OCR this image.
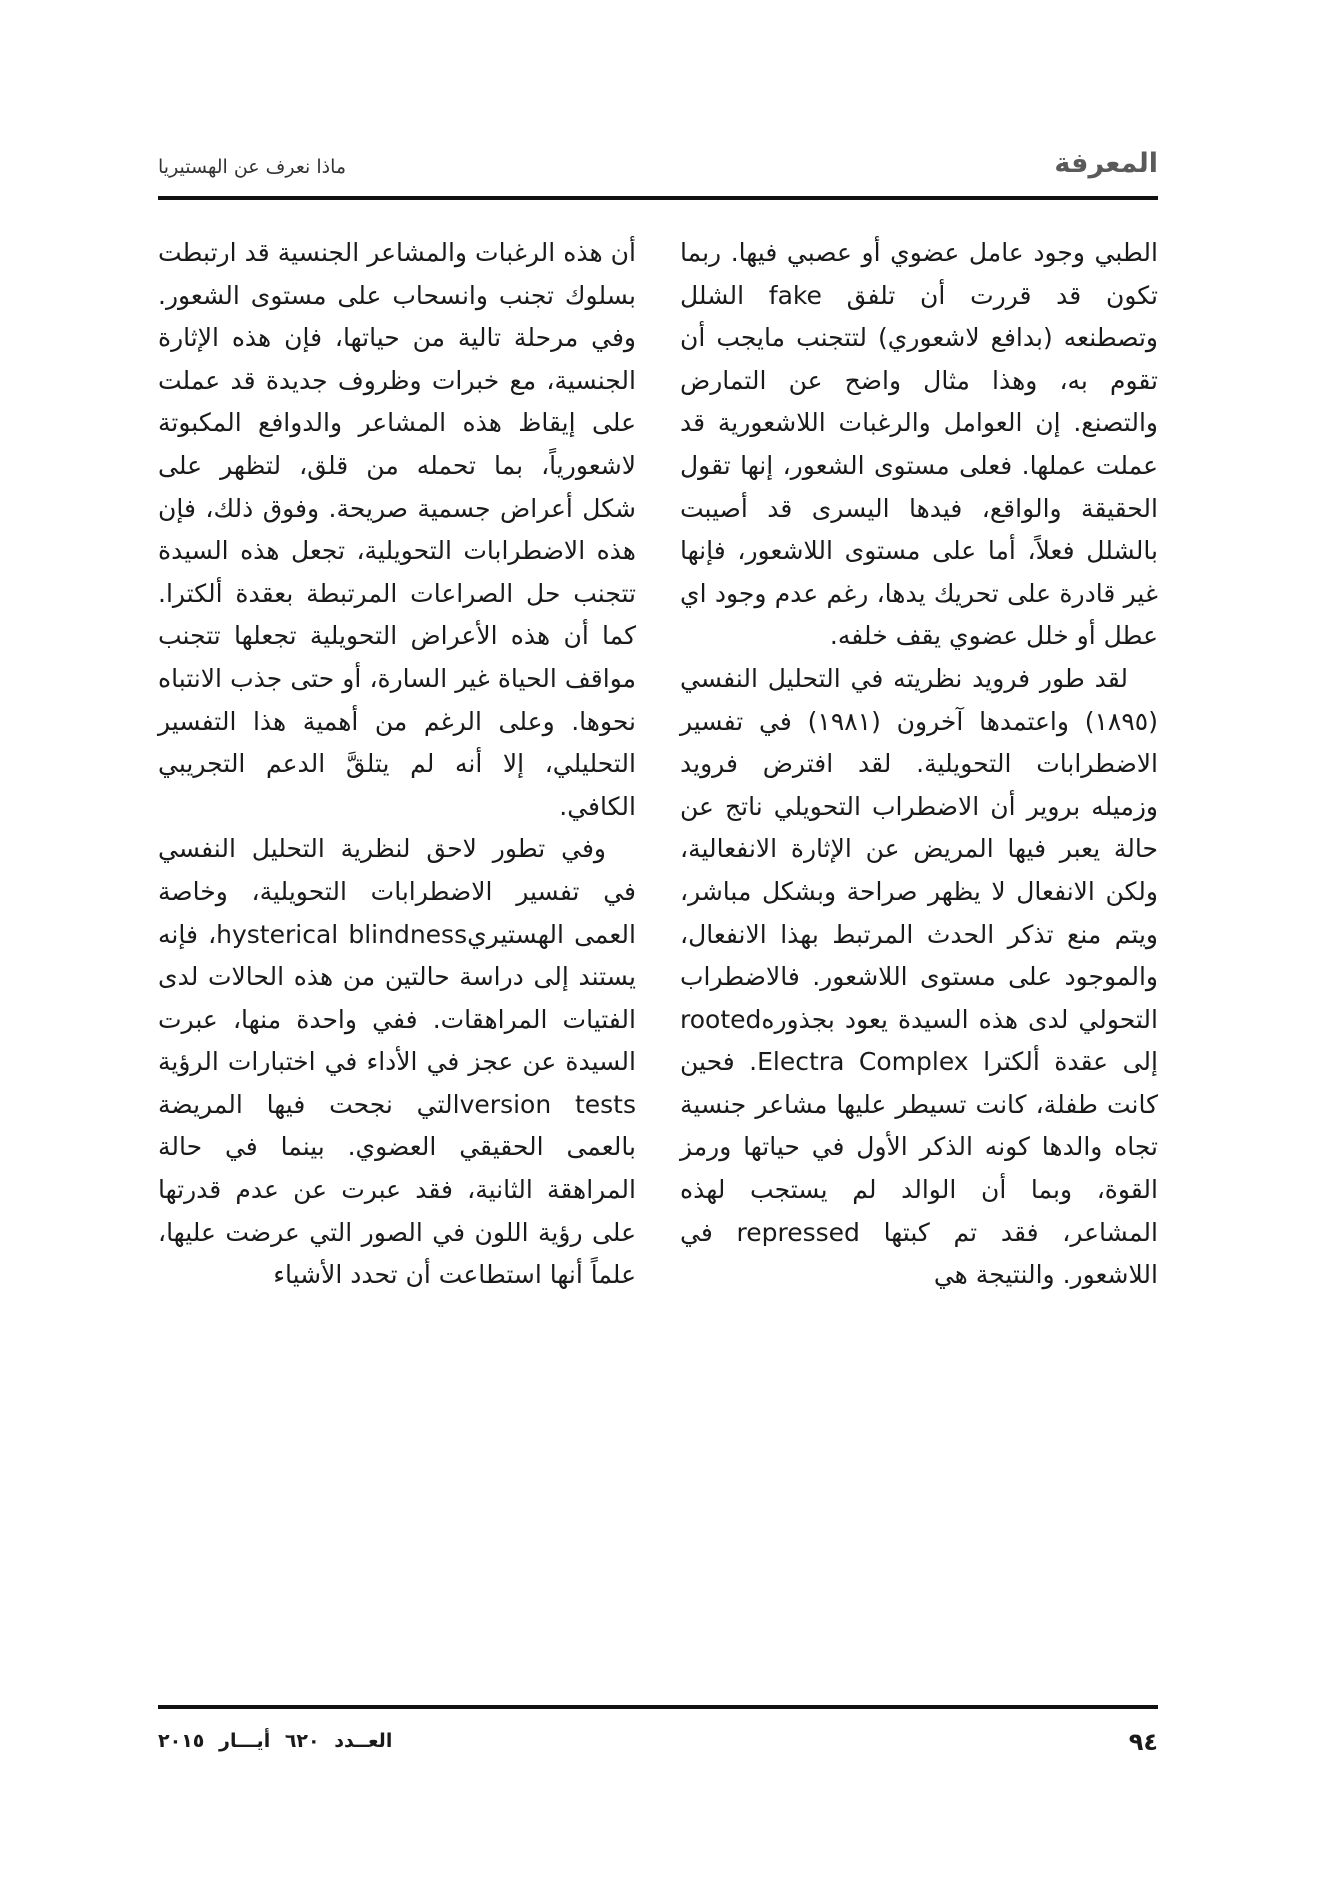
المعرفة
ماذا نعرف عن الهستيريا

الطبي وجود عامل عضوي أو عصبي فيها. ربما تكون قد قررت أن تلفق fake الشلل وتصطنعه (بدافع لاشعوري) لتتجنب مايجب أن تقوم به، وهذا مثال واضح عن التمارض والتصنع. إن العوامل والرغبات اللاشعورية قد عملت عملها. فعلى مستوى الشعور، إنها تقول الحقيقة والواقع، فيدها اليسرى قد أصيبت بالشلل فعلاً، أما على مستوى اللاشعور، فإنها غير قادرة على تحريك يدها، رغم عدم وجود اي عطل أو خلل عضوي يقف خلفه.

لقد طور فرويد نظريته في التحليل النفسي (١٨٩٥) واعتمدها آخرون (١٩٨١) في تفسير الاضطرابات التحويلية. لقد افترض فرويد وزميله بروير أن الاضطراب التحويلي ناتج عن حالة يعبر فيها المريض عن الإثارة الانفعالية، ولكن الانفعال لا يظهر صراحة وبشكل مباشر، ويتم منع تذكر الحدث المرتبط بهذا الانفعال، والموجود على مستوى اللاشعور. فالاضطراب التحولي لدى هذه السيدة يعود بجذورهrooted إلى عقدة ألكترا Electra Complex. فحين كانت طفلة، كانت تسيطر عليها مشاعر جنسية تجاه والدها كونه الذكر الأول في حياتها ورمز القوة، وبما أن الوالد لم يستجب لهذه المشاعر، فقد تم كبتها repressed في اللاشعور. والنتيجة هي

أن هذه الرغبات والمشاعر الجنسية قد ارتبطت بسلوك تجنب وانسحاب على مستوى الشعور. وفي مرحلة تالية من حياتها، فإن هذه الإثارة الجنسية، مع خبرات وظروف جديدة قد عملت على إيقاظ هذه المشاعر والدوافع المكبوتة لاشعورياً، بما تحمله من قلق، لتظهر على شكل أعراض جسمية صريحة. وفوق ذلك، فإن هذه الاضطرابات التحويلية، تجعل هذه السيدة تتجنب حل الصراعات المرتبطة بعقدة ألكترا. كما أن هذه الأعراض التحويلية تجعلها تتجنب مواقف الحياة غير السارة، أو حتى جذب الانتباه نحوها. وعلى الرغم من أهمية هذا التفسير التحليلي، إلا أنه لم يتلقَّ الدعم التجريبي الكافي.

وفي تطور لاحق لنظرية التحليل النفسي في تفسير الاضطرابات التحويلية، وخاصة العمى الهستيريhysterical blindness، فإنه يستند إلى دراسة حالتين من هذه الحالات لدى الفتيات المراهقات. ففي واحدة منها، عبرت السيدة عن عجز في الأداء في اختبارات الرؤية version testsالتي نجحت فيها المريضة بالعمى الحقيقي العضوي. بينما في حالة المراهقة الثانية، فقد عبرت عن عدم قدرتها على رؤية اللون في الصور التي عرضت عليها، علماً أنها استطاعت أن تحدد الأشياء

٩٤
العــدد ٦٢٠ أيـــار ٢٠١٥
